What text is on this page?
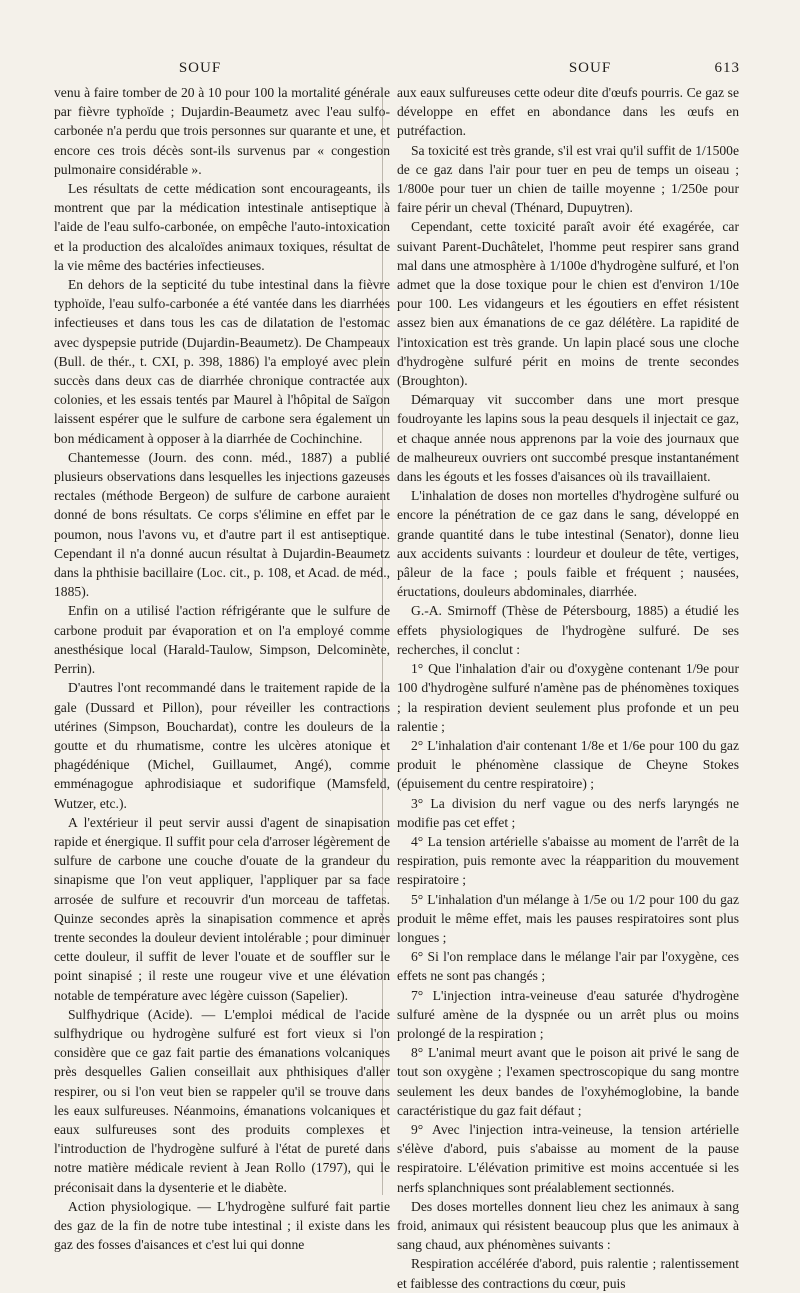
SOUF	SOUF	613

venu à faire tomber de 20 à 10 pour 100 la mortalité générale par fièvre typhoïde ; Dujardin-Beaumetz avec l'eau sulfo-carbonée n'a perdu que trois personnes sur quarante et une, et encore ces trois décès sont-ils survenus par « congestion pulmonaire considérable ».

Les résultats de cette médication sont encourageants, ils montrent que par la médication intestinale antiseptique à l'aide de l'eau sulfo-carbonée, on empêche l'auto-intoxication et la production des alcaloïdes animaux toxiques, résultat de la vie même des bactéries infectieuses.

En dehors de la septicité du tube intestinal dans la fièvre typhoïde, l'eau sulfo-carbonée a été vantée dans les diarrhées infectieuses et dans tous les cas de dilatation de l'estomac avec dyspepsie putride (Dujardin-Beaumetz). De Champeaux (Bull. de thér., t. CXI, p. 398, 1886) l'a employé avec plein succès dans deux cas de diarrhée chronique contractée aux colonies, et les essais tentés par Maurel à l'hôpital de Saïgon laissent espérer que le sulfure de carbone sera également un bon médicament à opposer à la diarrhée de Cochinchine.

Chantemesse (Journ. des conn. méd., 1887) a publié plusieurs observations dans lesquelles les injections gazeuses rectales (méthode Bergeon) de sulfure de carbone auraient donné de bons résultats. Ce corps s'élimine en effet par le poumon, nous l'avons vu, et d'autre part il est antiseptique. Cependant il n'a donné aucun résultat à Dujardin-Beaumetz dans la phthisie bacillaire (Loc. cit., p. 108, et Acad. de méd., 1885).

Enfin on a utilisé l'action réfrigérante que le sulfure de carbone produit par évaporation et on l'a employé comme anesthésique local (Harald-Taulow, Simpson, Delcominète, Perrin).

D'autres l'ont recommandé dans le traitement rapide de la gale (Dussard et Pillon), pour réveiller les contractions utérines (Simpson, Bouchardat), contre les douleurs de la goutte et du rhumatisme, contre les ulcères atonique et phagédénique (Michel, Guillaumet, Angé), comme emménagogue aphrodisiaque et sudorifique (Mamsfeld, Wutzer, etc.).

A l'extérieur il peut servir aussi d'agent de sinapisation rapide et énergique. Il suffit pour cela d'arroser légèrement de sulfure de carbone une couche d'ouate de la grandeur du sinapisme que l'on veut appliquer, l'appliquer par sa face arrosée de sulfure et recouvrir d'un morceau de taffetas. Quinze secondes après la sinapisation commence et après trente secondes la douleur devient intolérable ; pour diminuer cette douleur, il suffit de lever l'ouate et de souffler sur le point sinapisé ; il reste une rougeur vive et une élévation notable de température avec légère cuisson (Sapelier).

Sulfhydrique (Acide). — L'emploi médical de l'acide sulfhydrique ou hydrogène sulfuré est fort vieux si l'on considère que ce gaz fait partie des émanations volcaniques près desquelles Galien conseillait aux phthisiques d'aller respirer, ou si l'on veut bien se rappeler qu'il se trouve dans les eaux sulfureuses. Néanmoins, émanations volcaniques et eaux sulfureuses sont des produits complexes et l'introduction de l'hydrogène sulfuré à l'état de pureté dans notre matière médicale revient à Jean Rollo (1797), qui le préconisait dans la dysenterie et le diabète.

Action physiologique. — L'hydrogène sulfuré fait partie des gaz de la fin de notre tube intestinal ; il existe dans les gaz des fosses d'aisances et c'est lui qui donne

aux eaux sulfureuses cette odeur dite d'œufs pourris. Ce gaz se développe en effet en abondance dans les œufs en putréfaction.

Sa toxicité est très grande, s'il est vrai qu'il suffit de 1/1500e de ce gaz dans l'air pour tuer en peu de temps un oiseau ; 1/800e pour tuer un chien de taille moyenne ; 1/250e pour faire périr un cheval (Thénard, Dupuytren).

Cependant, cette toxicité paraît avoir été exagérée, car suivant Parent-Duchâtelet, l'homme peut respirer sans grand mal dans une atmosphère à 1/100e d'hydrogène sulfuré, et l'on admet que la dose toxique pour le chien est d'environ 1/10e pour 100. Les vidangeurs et les égoutiers en effet résistent assez bien aux émanations de ce gaz délétère. La rapidité de l'intoxication est très grande. Un lapin placé sous une cloche d'hydrogène sulfuré périt en moins de trente secondes (Broughton).

Démarquay vit succomber dans une mort presque foudroyante les lapins sous la peau desquels il injectait ce gaz, et chaque année nous apprenons par la voie des journaux que de malheureux ouvriers ont succombé presque instantanément dans les égouts et les fosses d'aisances où ils travaillaient.

L'inhalation de doses non mortelles d'hydrogène sulfuré ou encore la pénétration de ce gaz dans le sang, développé en grande quantité dans le tube intestinal (Senator), donne lieu aux accidents suivants : lourdeur et douleur de tête, vertiges, pâleur de la face ; pouls faible et fréquent ; nausées, éructations, douleurs abdominales, diarrhée.

G.-A. Smirnoff (Thèse de Pétersbourg, 1885) a étudié les effets physiologiques de l'hydrogène sulfuré. De ses recherches, il conclut :

1° Que l'inhalation d'air ou d'oxygène contenant 1/9e pour 100 d'hydrogène sulfuré n'amène pas de phénomènes toxiques ; la respiration devient seulement plus profonde et un peu ralentie ;

2° L'inhalation d'air contenant 1/8e et 1/6e pour 100 du gaz produit le phénomène classique de Cheyne Stokes (épuisement du centre respiratoire) ;

3° La division du nerf vague ou des nerfs laryngés ne modifie pas cet effet ;

4° La tension artérielle s'abaisse au moment de l'arrêt de la respiration, puis remonte avec la réapparition du mouvement respiratoire ;

5° L'inhalation d'un mélange à 1/5e ou 1/2 pour 100 du gaz produit le même effet, mais les pauses respiratoires sont plus longues ;

6° Si l'on remplace dans le mélange l'air par l'oxygène, ces effets ne sont pas changés ;

7° L'injection intra-veineuse d'eau saturée d'hydrogène sulfuré amène de la dyspnée ou un arrêt plus ou moins prolongé de la respiration ;

8° L'animal meurt avant que le poison ait privé le sang de tout son oxygène ; l'examen spectroscopique du sang montre seulement les deux bandes de l'oxyhémoglobine, la bande caractéristique du gaz fait défaut ;

9° Avec l'injection intra-veineuse, la tension artérielle s'élève d'abord, puis s'abaisse au moment de la pause respiratoire. L'élévation primitive est moins accentuée si les nerfs splanchniques sont préalablement sectionnés.

Des doses mortelles donnent lieu chez les animaux à sang froid, animaux qui résistent beaucoup plus que les animaux à sang chaud, aux phénomènes suivants :

Respiration accélérée d'abord, puis ralentie ; ralentissement et faiblesse des contractions du cœur, puis
